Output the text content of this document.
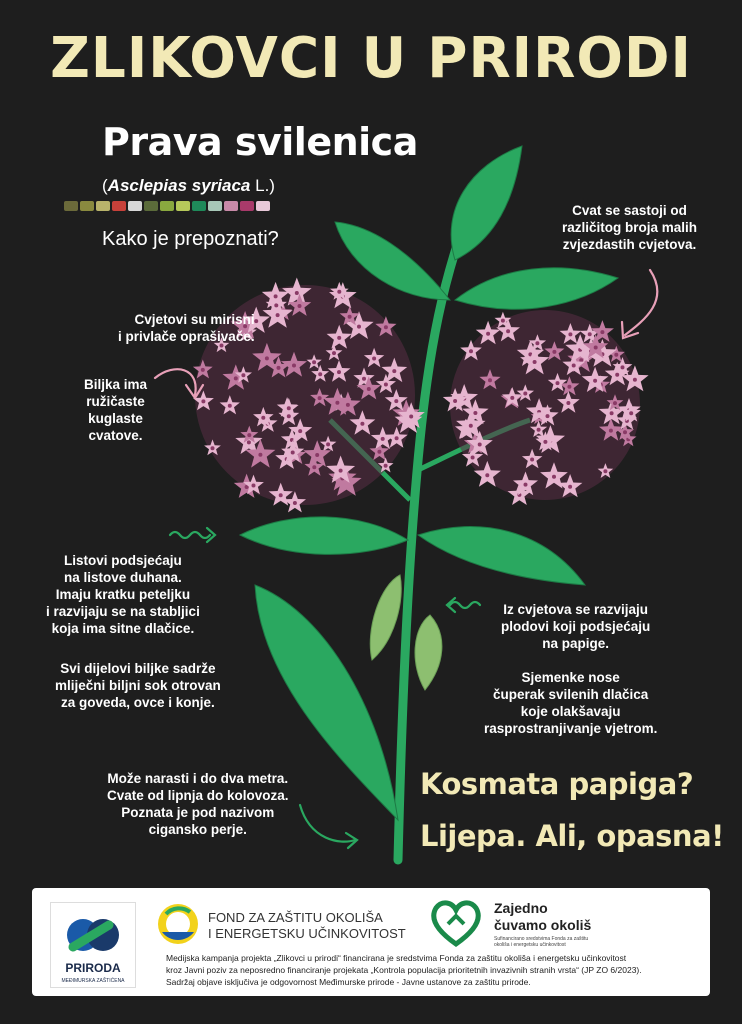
ZLIKOVCI U PRIRODI
Prava svilenica
(Asclepias syriaca L.)
Kako je prepoznati?
Cvjetovi su mirisni
i privlače oprašivače.
Biljka ima
ružičaste
kuglaste
cvatove.
Cvat se sastoji od
različitog broja malih
zvjezdastih cvjetova.
Listovi podsjećaju
na listove duhana.
Imaju kratku peteljku
i razvijaju se na stabljici
koja ima sitne dlačice.
Svi dijelovi biljke sadrže
mliječni biljni sok otrovan
za goveda, ovce i konje.
Iz cvjetova se razvijaju
plodovi koji podsjećaju
na papige.
Sjemenke nose
čuperak svilenih dlačica
koje olakšavaju
rasprostranjivanje vjetrom.
Može narasti i do dva metra.
Cvate od lipnja do kolovoza.
Poznata je pod nazivom
cigansko perje.
Kosmata papiga?
Lijepa. Ali, opasna!
PRIRODA
MEĐIMURSKA ZAŠTIĆENA
FOND ZA ZAŠTITU OKOLIŠA
I ENERGETSKU UČINKOVITOST
Zajedno
čuvamo okoliš
Sufinancirano sredstvima Fonda za zaštitu
okoliša i energetsku učinkovitost
Medijska kampanja projekta „Zlikovci u prirodi“ financirana je sredstvima Fonda za zaštitu okoliša i energetsku učinkovitost
kroz Javni poziv za neposredno financiranje projekata „Kontrola populacija prioritetnih invazivnih stranih vrsta“ (JP ZO 6/2023).
Sadržaj objave isključiva je odgovornost Međimurske prirode - Javne ustanove za zaštitu prirode.
